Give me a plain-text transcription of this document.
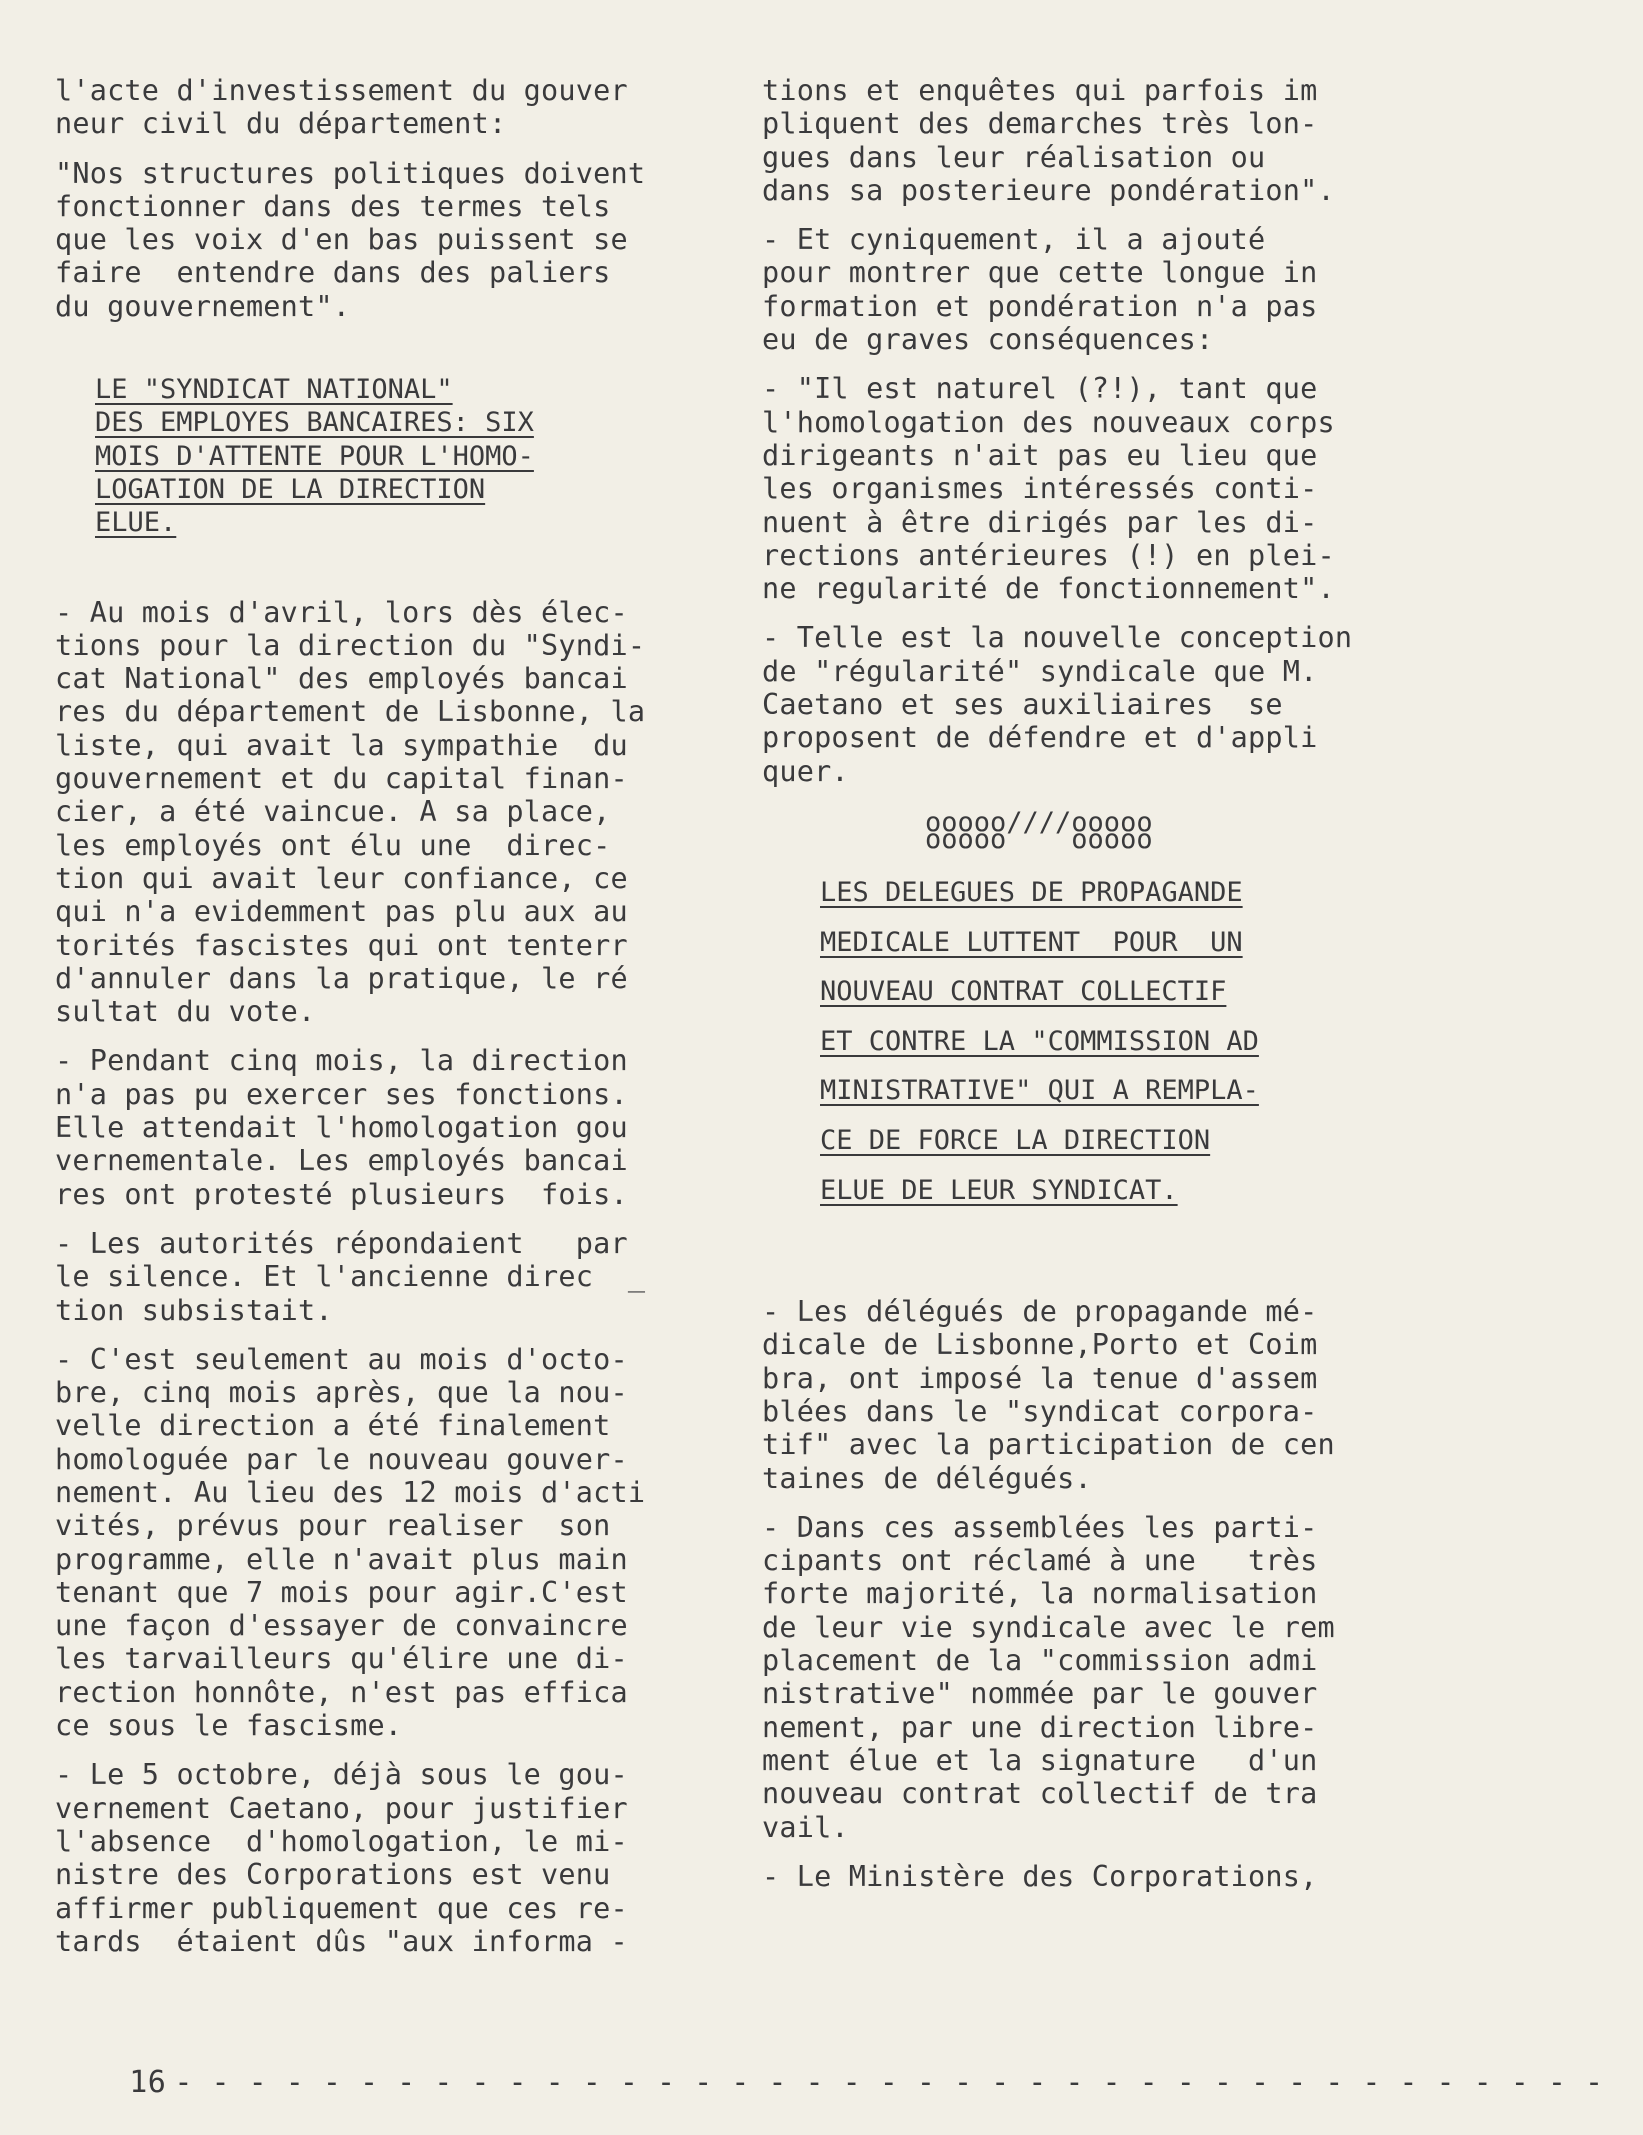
l'acte d'investissement du gouver
neur civil du département:

"Nos structures politiques doivent
fonctionner dans des termes tels
que les voix d'en bas puissent se
faire  entendre dans des paliers
du gouvernement".

LE "SYNDICAT NATIONAL"
DES EMPLOYES BANCAIRES: SIX
MOIS D'ATTENTE POUR L'HOMO-
LOGATION DE LA DIRECTION
ELUE.

- Au mois d'avril, lors dès élec-
tions pour la direction du "Syndi-
cat National" des employés bancai
res du département de Lisbonne, la
liste, qui avait la sympathie  du
gouvernement et du capital finan-
cier, a été vaincue. A sa place,
les employés ont élu une  direc-
tion qui avait leur confiance, ce
qui n'a evidemment pas plu aux au
torités fascistes qui ont tenterr
d'annuler dans la pratique, le ré
sultat du vote.

- Pendant cinq mois, la direction
n'a pas pu exercer ses fonctions.
Elle attendait l'homologation gou
vernementale. Les employés bancai
res ont protesté plusieurs  fois.

- Les autorités répondaient   par
le silence. Et l'ancienne direc  _
tion subsistait.

- C'est seulement au mois d'octo-
bre, cinq mois après, que la nou-
velle direction a été finalement
homologuée par le nouveau gouver-
nement. Au lieu des 12 mois d'acti
vités, prévus pour realiser  son
programme, elle n'avait plus main
tenant que 7 mois pour agir.C'est
une façon d'essayer de convaincre
les tarvailleurs qu'élire une di-
rection honnôte, n'est pas effica
ce sous le fascisme.

- Le 5 octobre, déjà sous le gou-
vernement Caetano, pour justifier
l'absence  d'homologation, le mi-
nistre des Corporations est venu
affirmer publiquement que ces re-
tards  étaient dûs "aux informa -

tions et enquêtes qui parfois im
pliquent des demarches très lon-
gues dans leur réalisation ou
dans sa posterieure pondération".

- Et cyniquement, il a ajouté
pour montrer que cette longue in
formation et pondération n'a pas
eu de graves conséquences:

- "Il est naturel (?!), tant que
l'homologation des nouveaux corps
dirigeants n'ait pas eu lieu que
les organismes intéressés conti-
nuent à être dirigés par les di-
rections antérieures (!) en plei-
ne regularité de fonctionnement".

- Telle est la nouvelle conception
de "régularité" syndicale que M.
Caetano et ses auxiliaires  se
proposent de défendre et d'appli
quer.

ooooo////ooooo
ooooo    ooooo
LES DELEGUES DE PROPAGANDE
MEDICALE LUTTENT  POUR  UN
NOUVEAU CONTRAT COLLECTIF
ET CONTRE LA "COMMISSION AD
MINISTRATIVE" QUI A REMPLA-
CE DE FORCE LA DIRECTION
ELUE DE LEUR SYNDICAT.

- Les délégués de propagande mé-
dicale de Lisbonne,Porto et Coim
bra, ont imposé la tenue d'assem
blées dans le "syndicat corpora-
tif" avec la participation de cen
taines de délégués.

- Dans ces assemblées les parti-
cipants ont réclamé à une   très
forte majorité, la normalisation
de leur vie syndicale avec le rem
placement de la "commission admi
nistrative" nommée par le gouver
nement, par une direction libre-
ment élue et la signature   d'un
nouveau contrat collectif de tra
vail.

- Le Ministère des Corporations,

16 - - - - - - - - - - - - - - - - - - - - - - - - - - - - - - - - - - - - - - -
